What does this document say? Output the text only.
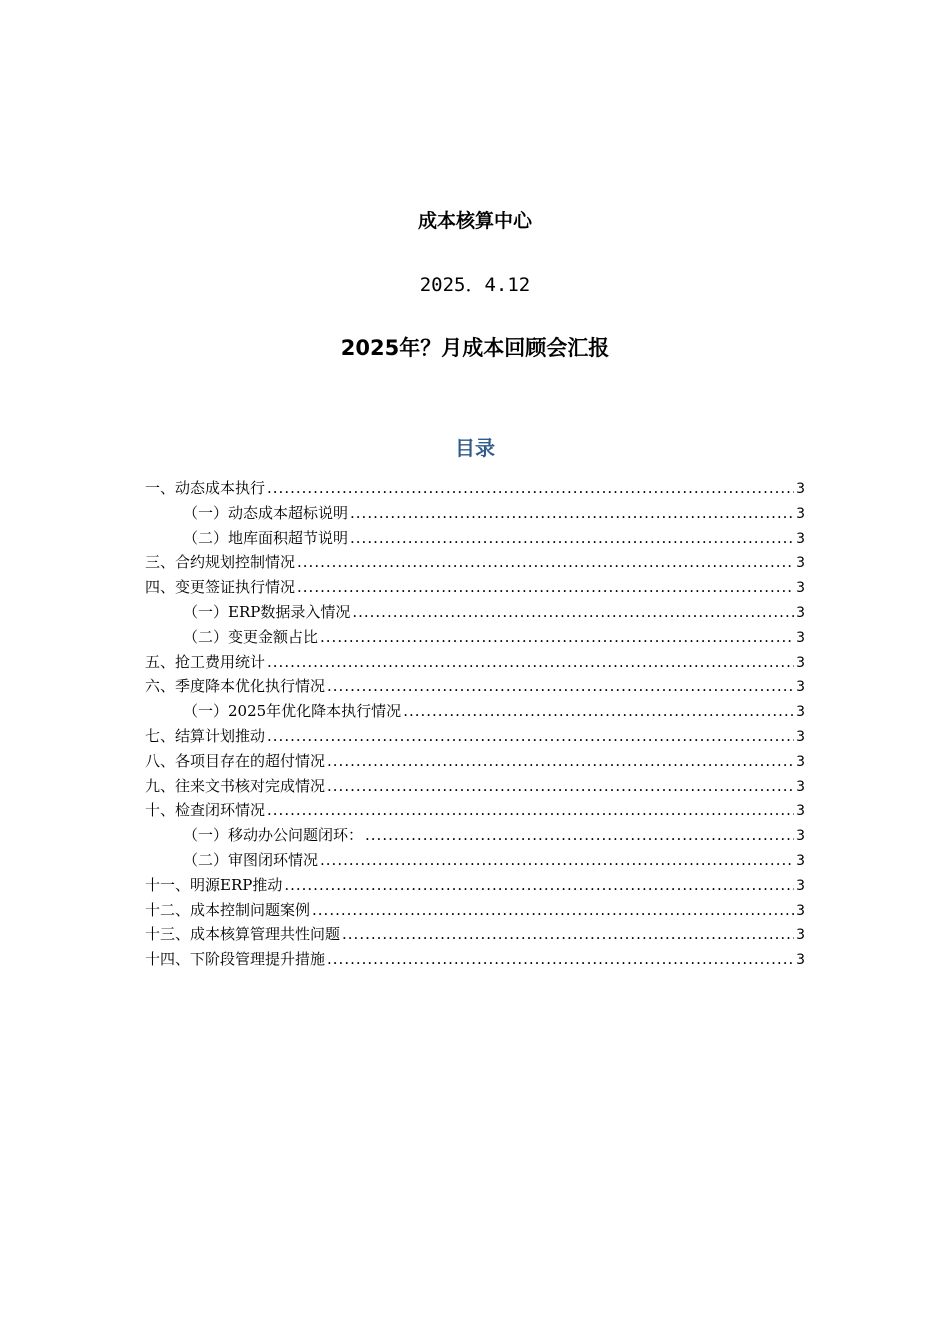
成本核算中心
2025．4.12
2025年？月成本回顾会汇报
目录
一、动态成本执行 .....	3
（一）动态成本超标说明 .....	3
（二）地库面积超节说明 .....	3
三、合约规划控制情况 .....	3
四、变更签证执行情况 .....	3
（一）ERP数据录入情况 .....	3
（二）变更金额占比 .....	3
五、抢工费用统计 .....	3
六、季度降本优化执行情况 .....	3
（一）2025年优化降本执行情况 .....	3
七、结算计划推动 .....	3
八、各项目存在的超付情况 .....	3
九、往来文书核对完成情况 .....	3
十、检查闭环情况 .....	3
（一）移动办公问题闭环： .....	3
（二）审图闭环情况 .....	3
十一、明源ERP推动 .....	3
十二、成本控制问题案例 .....	3
十三、成本核算管理共性问题 .....	3
十四、下阶段管理提升措施 .....	3
